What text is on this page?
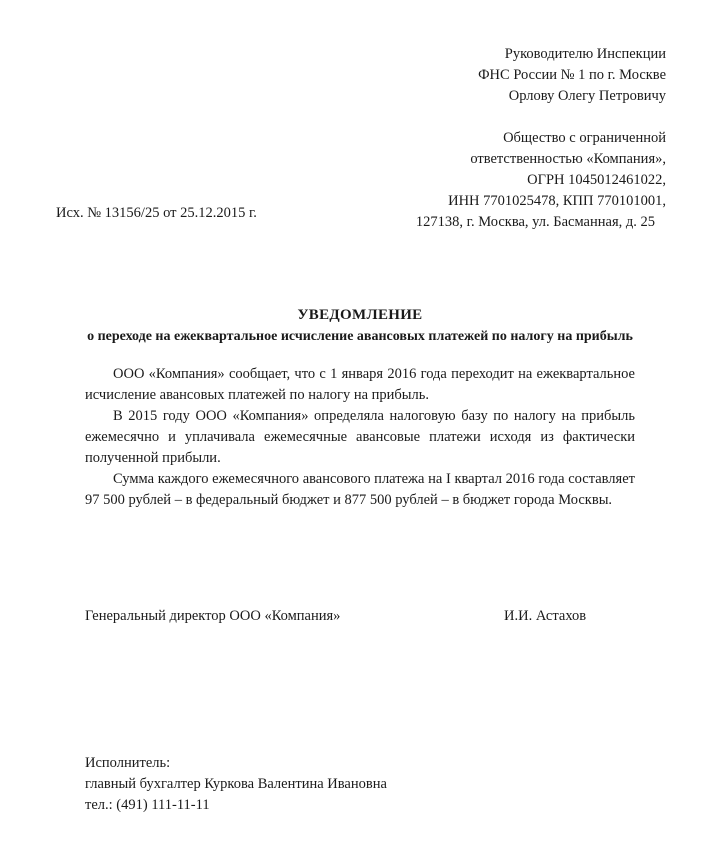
Руководителю Инспекции
ФНС России № 1 по г. Москве
Орлову Олегу Петровичу
Общество с ограниченной
ответственностью «Компания»,
ОГРН 1045012461022,
ИНН 7701025478, КПП 770101001,
127138, г. Москва, ул. Басманная, д. 25
Исх. № 13156/25 от 25.12.2015 г.
УВЕДОМЛЕНИЕ
о переходе на ежеквартальное исчисление авансовых платежей по налогу на прибыль

ООО «Компания» сообщает, что с 1 января 2016 года переходит на ежеквартальное исчисление авансовых платежей по налогу на прибыль.

В 2015 году ООО «Компания» определяла налоговую базу по налогу на прибыль ежемесячно и уплачивала ежемесячные авансовые платежи исходя из фактически полученной прибыли.

Сумма каждого ежемесячного авансового платежа на I квартал 2016 года составляет 97 500 рублей – в федеральный бюджет и 877 500 рублей – в бюджет города Москвы.

Генеральный директор ООО «Компания»	И.И. Астахов
Исполнитель:
главный бухгалтер Куркова Валентина Ивановна
тел.: (491) 111-11-11
